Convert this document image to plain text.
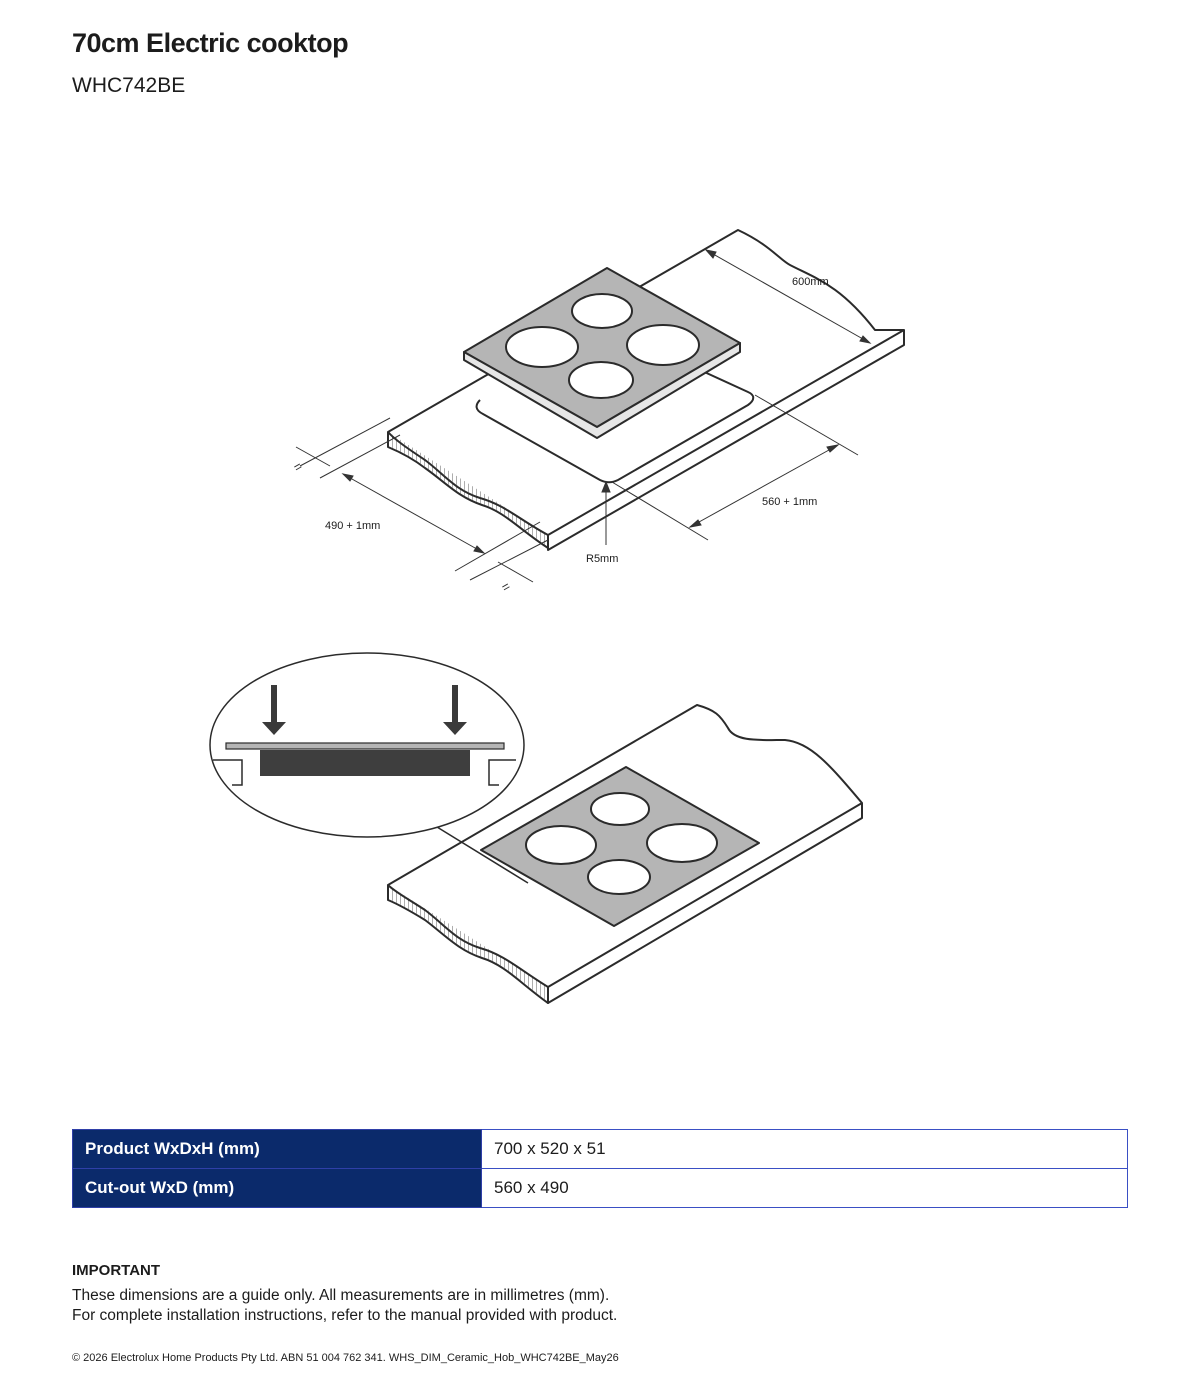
70cm Electric cooktop
WHC742BE
600mm
560 + 1mm
490 + 1mm
=
=
R5mm
Product WxDxH (mm)	700 x 520 x 51
Cut-out WxD (mm)	560 x 490
IMPORTANT
These dimensions are a guide only. All measurements are in millimetres (mm).
For complete installation instructions, refer to the manual provided with product.
© 2026 Electrolux Home Products Pty Ltd. ABN 51 004 762 341. WHS_DIM_Ceramic_Hob_WHC742BE_May26
